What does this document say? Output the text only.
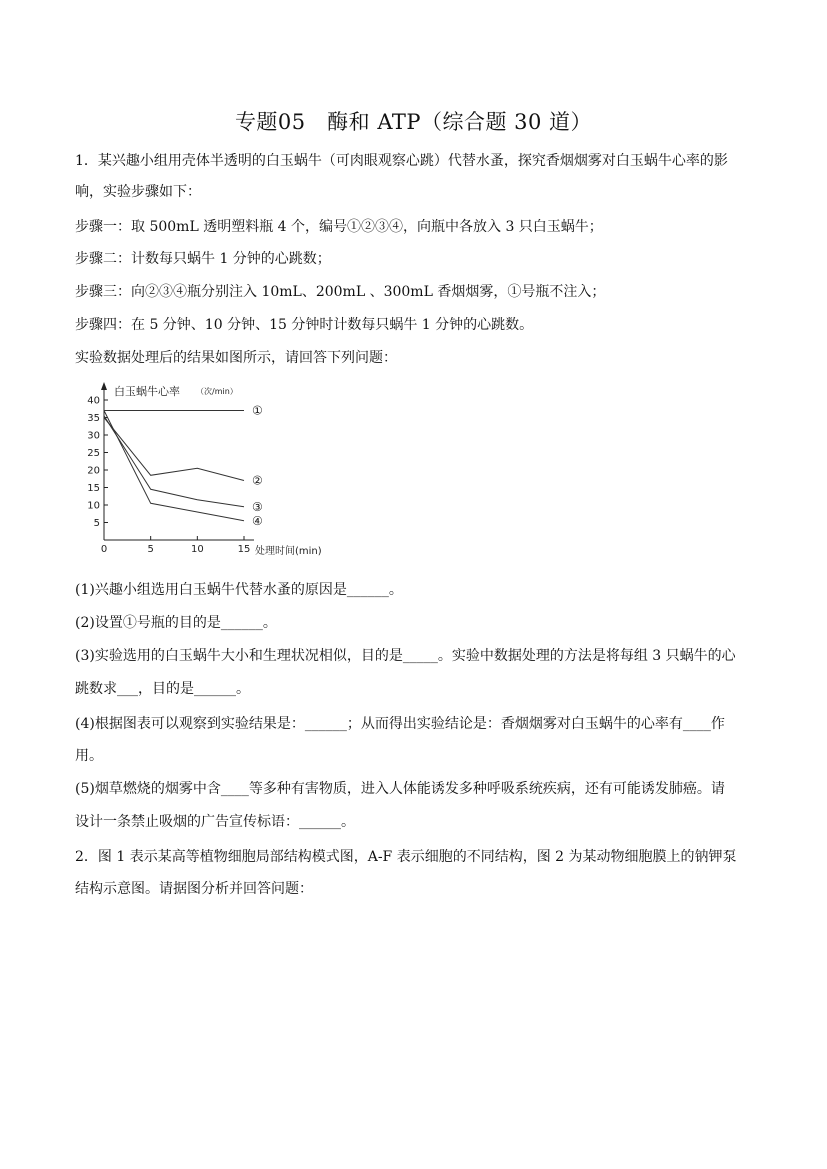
专题05　酶和 ATP（综合题 30 道）
1．某兴趣小组用壳体半透明的白玉蜗牛（可肉眼观察心跳）代替水蚤，探究香烟烟雾对白玉蜗牛心率的影
响，实验步骤如下：
步骤一：取 500mL 透明塑料瓶 4 个，编号①②③④，向瓶中各放入 3 只白玉蜗牛；
步骤二：计数每只蜗牛 1 分钟的心跳数；
步骤三：向②③④瓶分别注入 10mL、200mL 、300mL 香烟烟雾，①号瓶不注入；
步骤四：在 5 分钟、10 分钟、15 分钟时计数每只蜗牛 1 分钟的心跳数。
实验数据处理后的结果如图所示，请回答下列问题：
5
10
15
20
25
30
35
40
0	5	10	15
白玉蜗牛心率 （次/min）
处理时间(min)
①
②
③
④
(1)兴趣小组选用白玉蜗牛代替水蚤的原因是______。
(2)设置①号瓶的目的是______。
(3)实验选用的白玉蜗牛大小和生理状况相似，目的是_____。实验中数据处理的方法是将每组 3 只蜗牛的心
跳数求___，目的是______。
(4)根据图表可以观察到实验结果是：______；从而得出实验结论是：香烟烟雾对白玉蜗牛的心率有____作
用。
(5)烟草燃烧的烟雾中含____等多种有害物质，进入人体能诱发多种呼吸系统疾病，还有可能诱发肺癌。请
设计一条禁止吸烟的广告宣传标语：______。
2．图 1 表示某高等植物细胞局部结构模式图，A-F 表示细胞的不同结构，图 2 为某动物细胞膜上的钠钾泵
结构示意图。请据图分析并回答问题：
